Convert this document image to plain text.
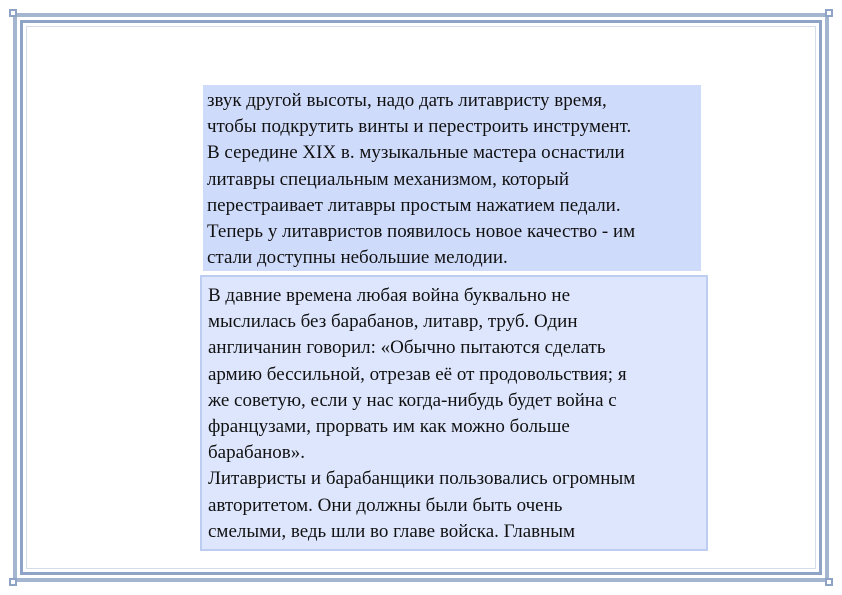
звук другой высоты, надо дать литавристу время,
чтобы подкрутить винты и перестроить инструмент.
В середине XIX в. музыкальные мастера оснастили
литавры специальным механизмом, который
перестраивает литавры простым нажатием педали.
Теперь у литавристов появилось новое качество - им
стали доступны небольшие мелодии.
В давние времена любая война буквально не
мыслилась без барабанов, литавр, труб. Один
англичанин говорил: «Обычно пытаются сделать
армию бессильной, отрезав её от продовольствия; я
же советую, если у нас когда-нибудь будет война с
французами, прорвать им как можно больше
барабанов».
Литавристы и барабанщики пользовались огромным
авторитетом. Они должны были быть очень
смелыми, ведь шли во главе войска. Главным
